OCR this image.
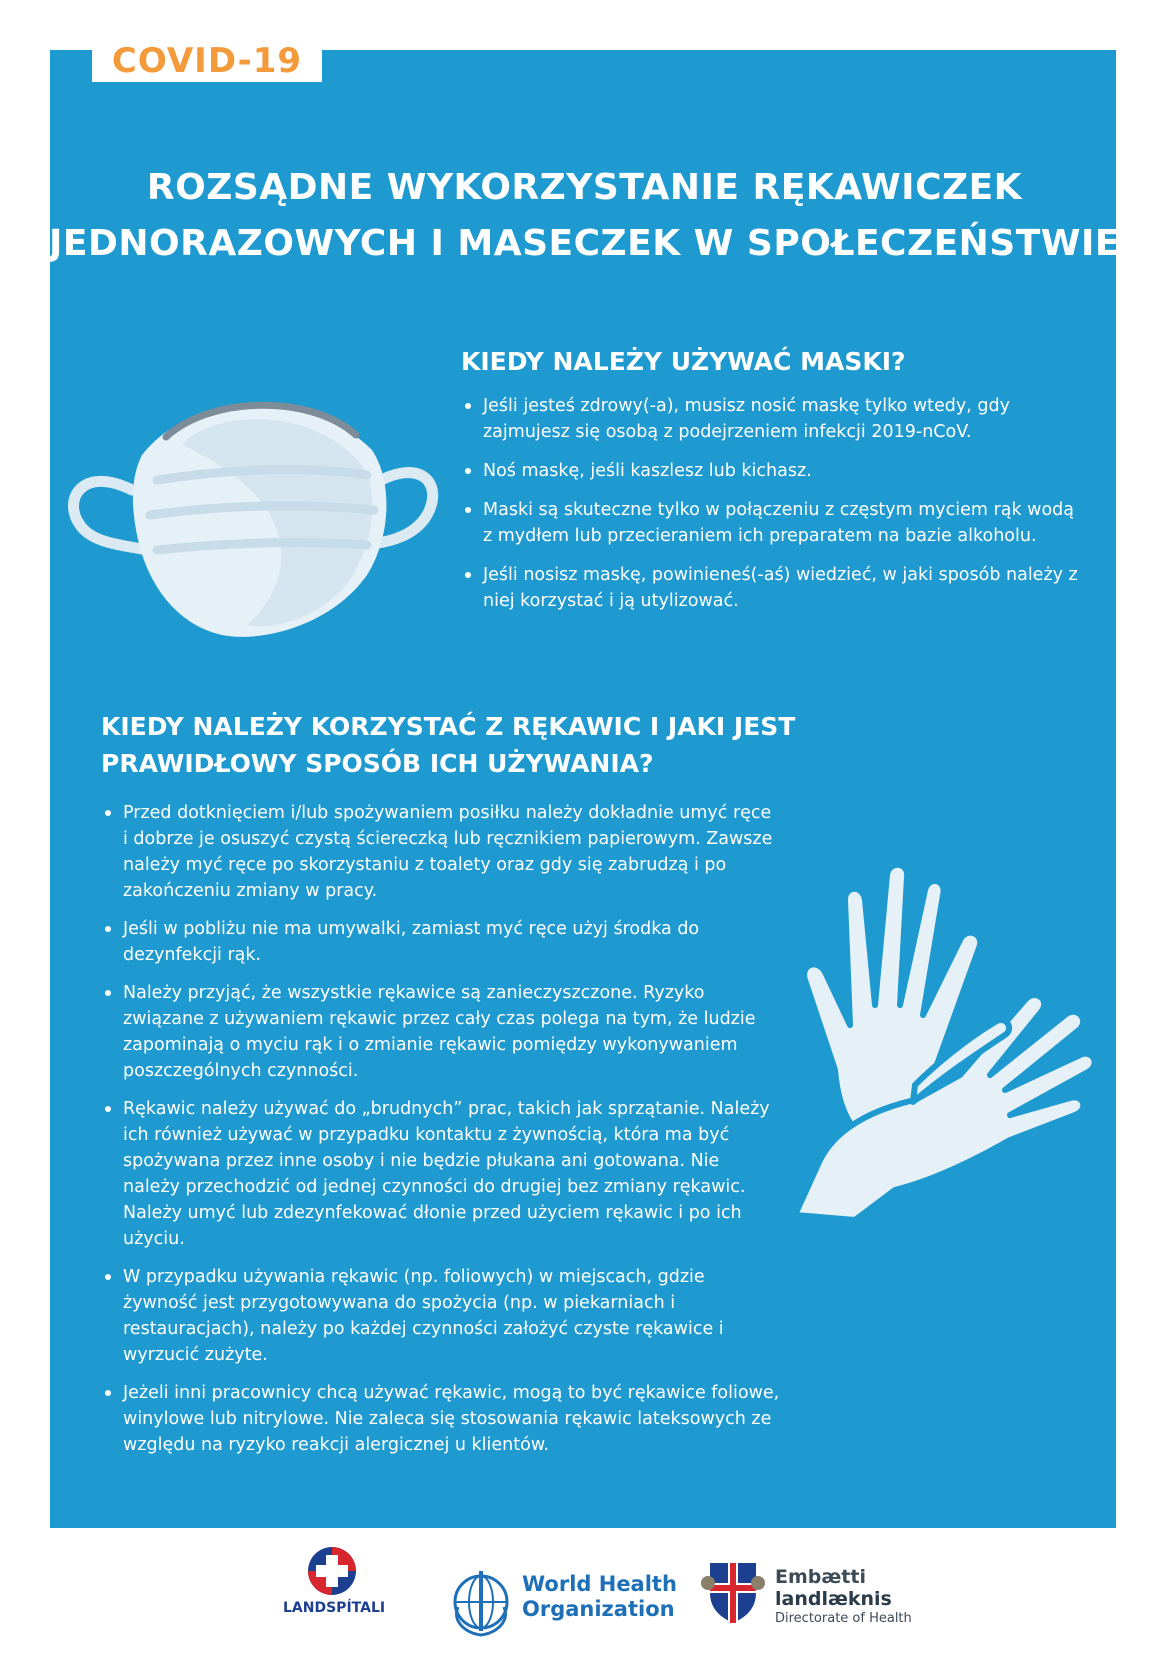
COVID-19
ROZSĄDNE WYKORZYSTANIE RĘKAWICZEK
JEDNORAZOWYCH I MASECZEK W SPOŁECZEŃSTWIE
KIEDY NALEŻY UŻYWAĆ MASKI?
Jeśli jesteś zdrowy(-a), musisz nosić maskę tylko wtedy, gdy zajmujesz się osobą z podejrzeniem infekcji 2019-nCoV.
Noś maskę, jeśli kaszlesz lub kichasz.
Maski są skuteczne tylko w połączeniu z częstym myciem rąk wodą z mydłem lub przecieraniem ich preparatem na bazie alkoholu.
Jeśli nosisz maskę, powinieneś(-aś) wiedzieć, w jaki sposób należy z niej korzystać i ją utylizować.
KIEDY NALEŻY KORZYSTAĆ Z RĘKAWIC I JAKI JEST
PRAWIDŁOWY SPOSÓB ICH UŻYWANIA?
Przed dotknięciem i/lub spożywaniem posiłku należy dokładnie umyć ręce i dobrze je osuszyć czystą ściereczką lub ręcznikiem papierowym. Zawsze należy myć ręce po skorzystaniu z toalety oraz gdy się zabrudzą i po zakończeniu zmiany w pracy.
Jeśli w pobliżu nie ma umywalki, zamiast myć ręce użyj środka do dezynfekcji rąk.
Należy przyjąć, że wszystkie rękawice są zanieczyszczone. Ryzyko związane z używaniem rękawic przez cały czas polega na tym, że ludzie zapominają o myciu rąk i o zmianie rękawic pomiędzy wykonywaniem poszczególnych czynności.
Rękawic należy używać do „brudnych” prac, takich jak sprzątanie. Należy ich również używać w przypadku kontaktu z żywnością, która ma być spożywana przez inne osoby i nie będzie płukana ani gotowana. Nie należy przechodzić od jednej czynności do drugiej bez zmiany rękawic. Należy umyć lub zdezynfekować dłonie przed użyciem rękawic i po ich użyciu.
W przypadku używania rękawic (np. foliowych) w miejscach, gdzie żywność jest przygotowywana do spożycia (np. w piekarniach i restauracjach), należy po każdej czynności założyć czyste rękawice i wyrzucić zużyte.
Jeżeli inni pracownicy chcą używać rękawic, mogą to być rękawice foliowe, winylowe lub nitrylowe. Nie zaleca się stosowania rękawic lateksowych ze względu na ryzyko reakcji alergicznej u klientów.
LANDSPÍTALI
World Health
Organization
Embætti
landlæknis
Directorate of Health
